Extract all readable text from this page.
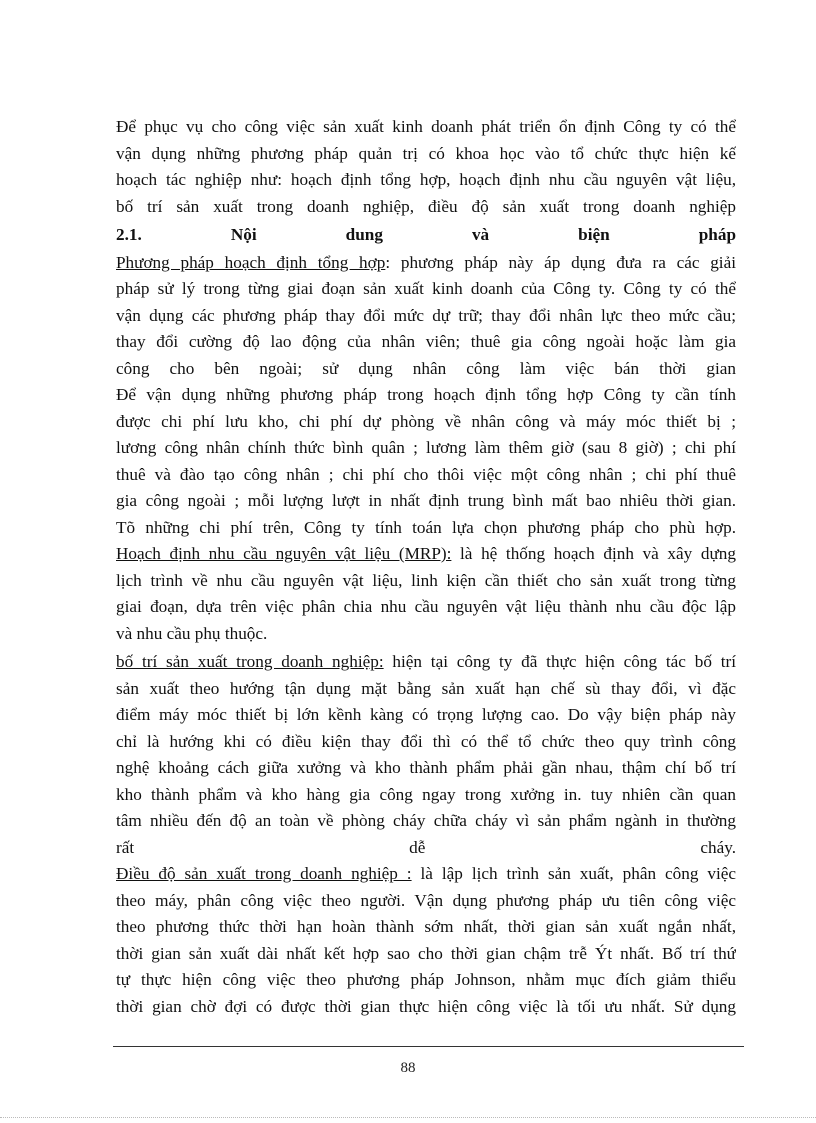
Để phục vụ cho công việc sản xuất kinh doanh phát triển ổn định Công ty có thể
vận dụng những phương pháp quản trị có khoa học vào tổ chức thực hiện kế
hoạch tác nghiệp như: hoạch định tổng hợp, hoạch định nhu cầu nguyên vật liệu,
bố trí sản xuất trong doanh nghiệp, điều độ sản xuất trong doanh nghiệp
2.1. Nội dung và biện pháp
Phương pháp hoạch định tổng hợp: phương pháp này áp dụng đưa ra các giải
pháp sử lý trong từng giai đoạn sản xuất kinh doanh của Công ty. Công ty có thể
vận dụng các phương pháp thay đổi mức dự trữ; thay đổi nhân lực theo mức cầu;
thay đổi cường độ lao động của nhân viên; thuê gia công ngoài hoặc làm gia
công cho bên ngoài; sử dụng nhân công làm việc bán thời gian
Để vận dụng những phương pháp trong hoạch định tổng hợp Công ty cần tính
được chi phí lưu kho, chi phí dự phòng về nhân công và máy móc thiết bị ;
lương công nhân chính thức bình quân ; lương làm thêm giờ (sau 8 giờ) ; chi phí
thuê và đào tạo công nhân ; chi phí cho thôi việc một công nhân ; chi phí thuê
gia công ngoài ; mỗi lượng lượt in nhất định trung bình mất bao nhiêu thời gian.
Tõ những chi phí trên, Công ty tính toán lựa chọn phương pháp cho phù hợp.
Hoạch định nhu cầu nguyên vật liệu (MRP): là hệ thống hoạch định và xây dựng
lịch trình về nhu cầu nguyên vật liệu, linh kiện cần thiết cho sản xuất trong từng
giai đoạn, dựa trên việc phân chia nhu cầu nguyên vật liệu thành nhu cầu độc lập
và nhu cầu phụ thuộc.
bố trí sản xuất trong doanh nghiệp: hiện tại công ty đã thực hiện công tác bố trí
sản xuất theo hướng tận dụng mặt bằng sản xuất hạn chế sù thay đổi, vì đặc
điểm máy móc thiết bị lớn kềnh kàng có trọng lượng cao. Do vậy biện pháp này
chỉ là hướng khi có điều kiện thay đổi thì có thể tổ chức theo quy trình công
nghệ khoảng cách giữa xưởng và kho thành phẩm phải gần nhau, thậm chí bố trí
kho thành phẩm và kho hàng gia công ngay trong xưởng in. tuy nhiên cần quan
tâm nhiều đến độ an toàn về phòng cháy chữa cháy vì sản phẩm ngành in thường
rất dễ cháy.
Điều độ sản xuất trong doanh nghiệp : là lập lịch trình sản xuất, phân công việc
theo máy, phân công việc theo người. Vận dụng phương pháp ưu tiên công việc
theo phương thức thời hạn hoàn thành sớm nhất, thời gian sản xuất ngắn nhất,
thời gian sản xuất dài nhất kết hợp sao cho thời gian chậm trễ Ýt nhất. Bố trí thứ
tự thực hiện công việc theo phương pháp Johnson, nhằm mục đích giảm thiểu
thời gian chờ đợi có được thời gian thực hiện công việc là tối ưu nhất. Sử dụng
88
